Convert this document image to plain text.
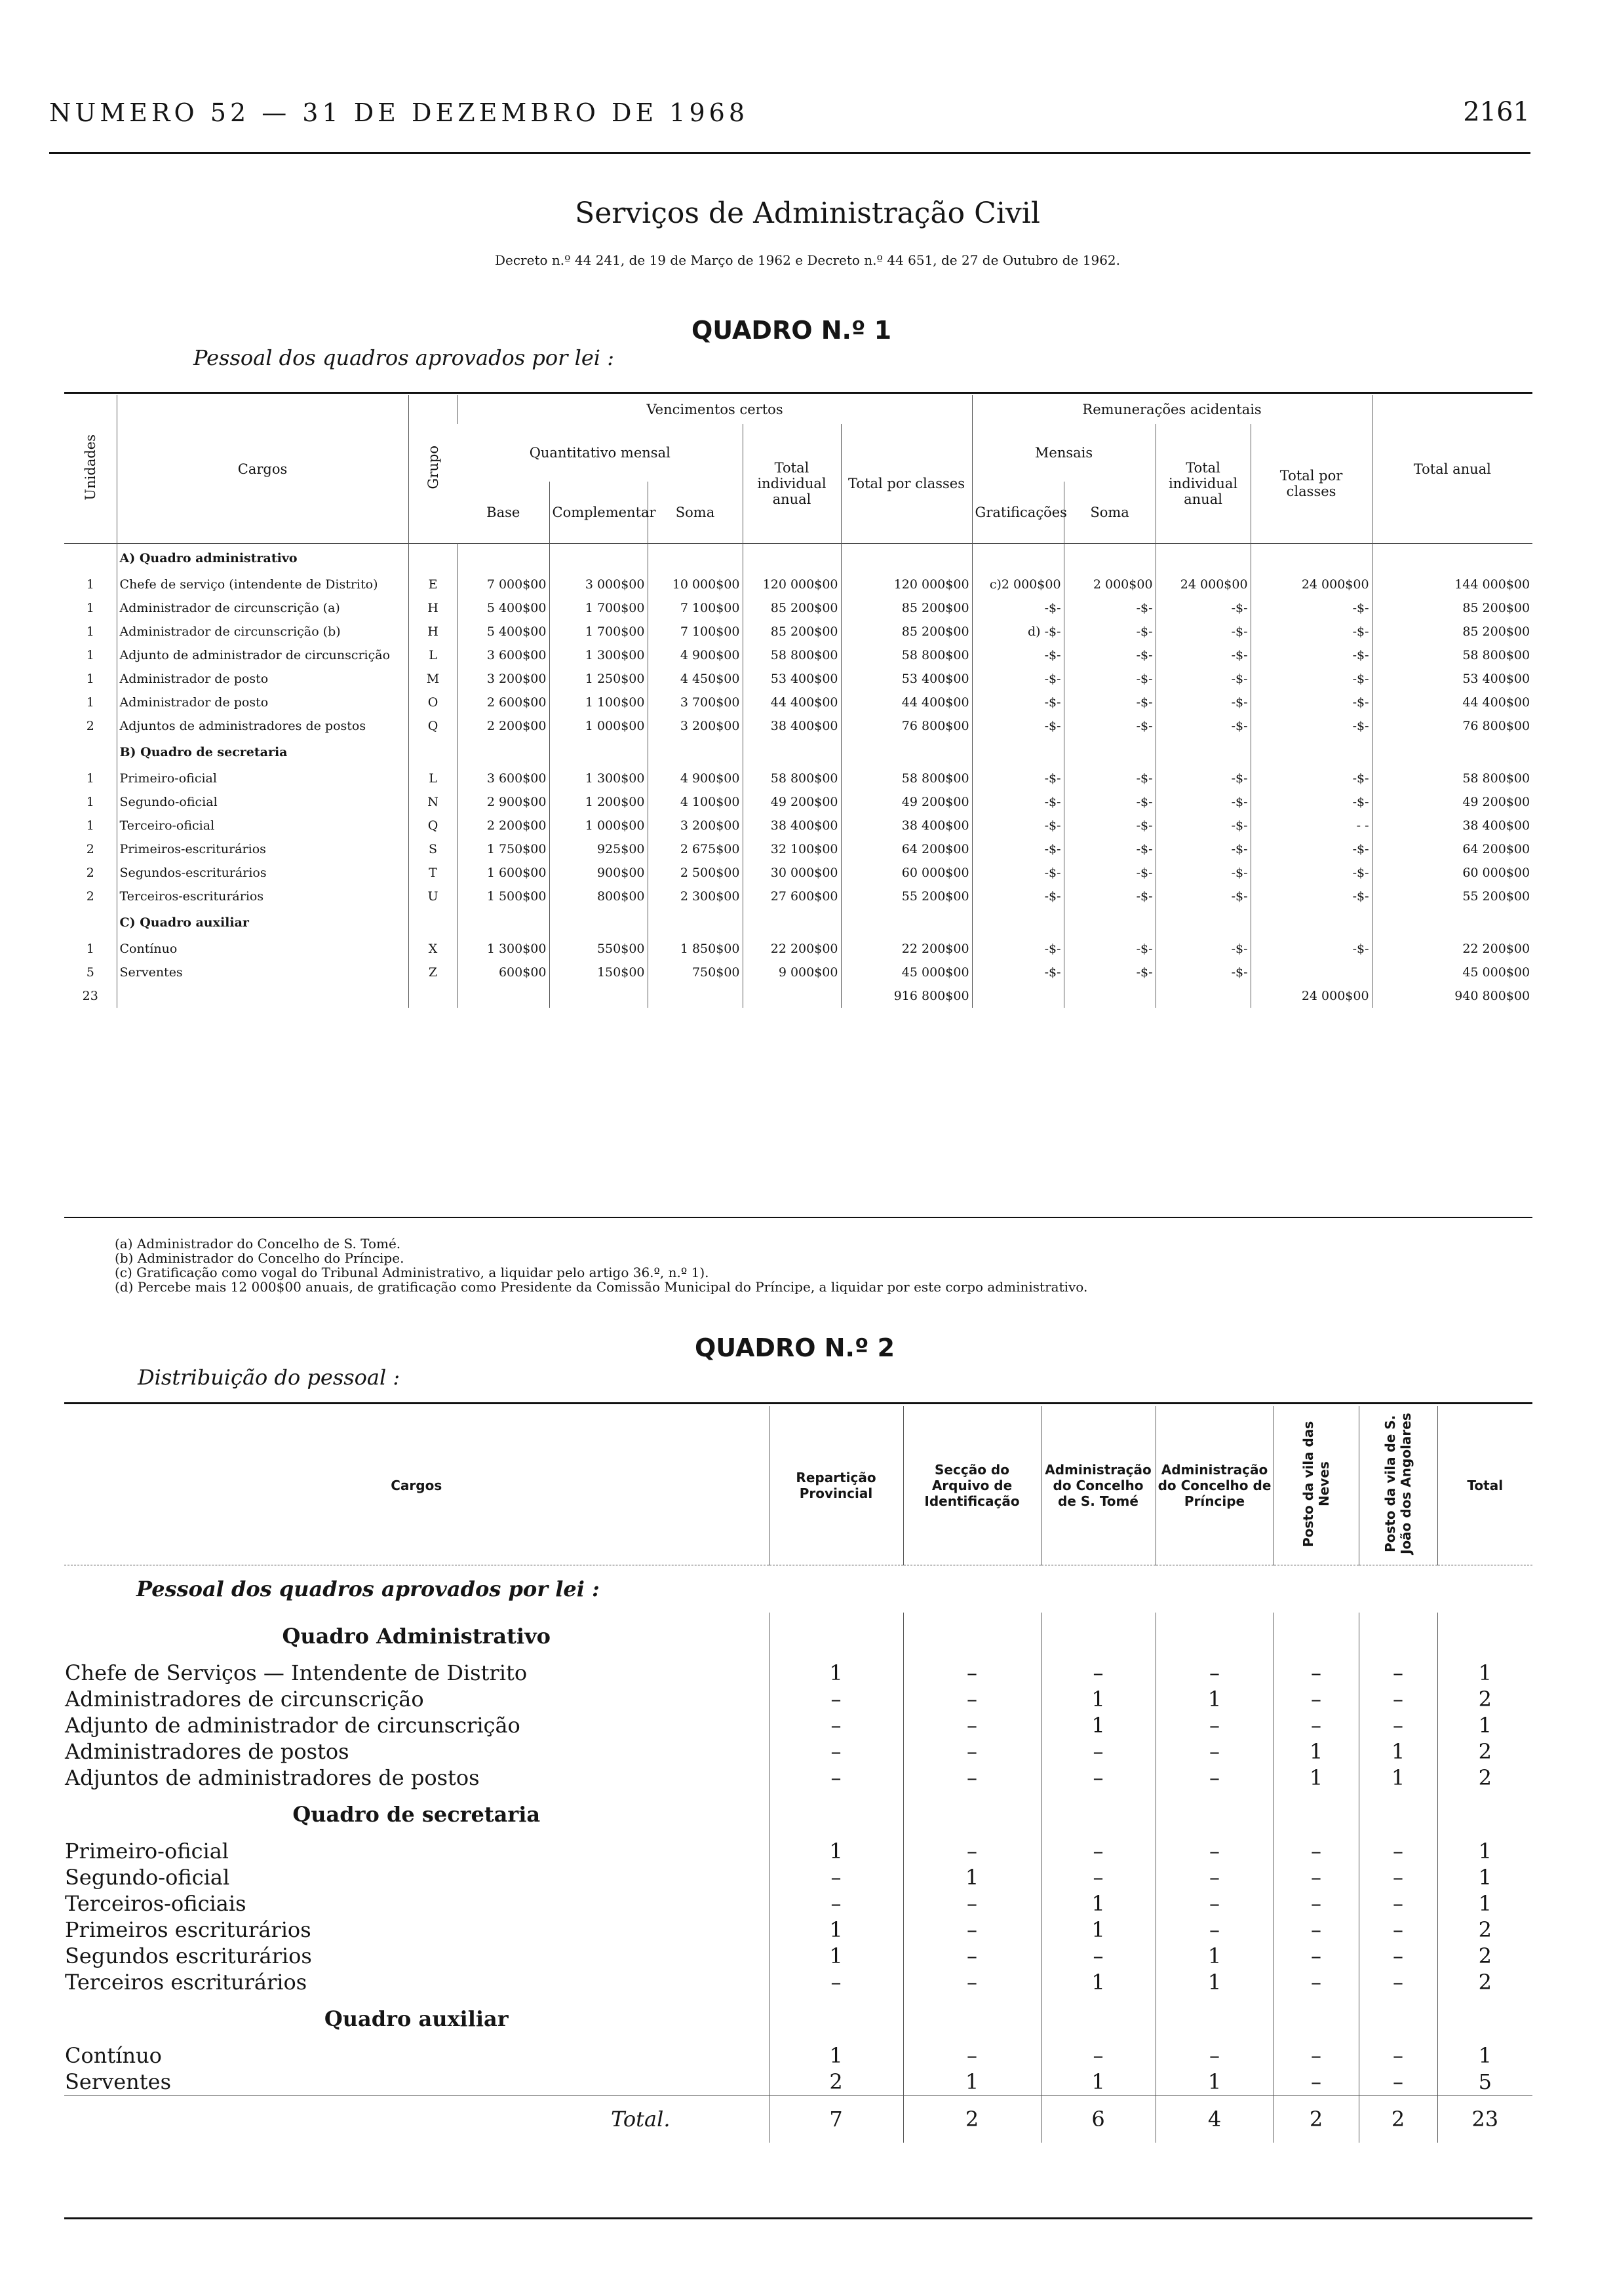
NUMERO 52 — 31 DE DEZEMBRO DE 1968	2161
Serviços de Administração Civil
Decreto n.º 44 241, de 19 de Março de 1962 e Decreto n.º 44 651, de 27 de Outubro de 1962.
QUADRO N.º 1
Pessoal dos quadros aprovados por lei :
Unidades	Cargos	Grupo	Vencimentos certos					Remunerações acidentais				Total anual
			Quantitativo mensal			Total individual anual	Total por classes	Mensais		Total individual anual	Total por classes	
			Base	Complementar	Soma			Gratificações	Soma			
	A) Quadro administrativo											
1	Chefe de serviço (intendente de Distrito)	E	7 000$00	3 000$00	10 000$00	120 000$00	120 000$00	c)2 000$00	2 000$00	24 000$00	24 000$00	144 000$00
1	Administrador de circunscrição (a)	H	5 400$00	1 700$00	7 100$00	85 200$00	85 200$00	-$-	-$-	-$-	-$-	85 200$00
1	Administrador de circunscrição (b)	H	5 400$00	1 700$00	7 100$00	85 200$00	85 200$00	d) -$-	-$-	-$-	-$-	85 200$00
1	Adjunto de administrador de circunscrição	L	3 600$00	1 300$00	4 900$00	58 800$00	58 800$00	-$-	-$-	-$-	-$-	58 800$00
1	Administrador de posto	M	3 200$00	1 250$00	4 450$00	53 400$00	53 400$00	-$-	-$-	-$-	-$-	53 400$00
1	Administrador de posto	O	2 600$00	1 100$00	3 700$00	44 400$00	44 400$00	-$-	-$-	-$-	-$-	44 400$00
2	Adjuntos de administradores de postos	Q	2 200$00	1 000$00	3 200$00	38 400$00	76 800$00	-$-	-$-	-$-	-$-	76 800$00
	B) Quadro de secretaria											
1	Primeiro-oficial	L	3 600$00	1 300$00	4 900$00	58 800$00	58 800$00	-$-	-$-	-$-	-$-	58 800$00
1	Segundo-oficial	N	2 900$00	1 200$00	4 100$00	49 200$00	49 200$00	-$-	-$-	-$-	-$-	49 200$00
1	Terceiro-oficial	Q	2 200$00	1 000$00	3 200$00	38 400$00	38 400$00	-$-	-$-	-$-	- -	38 400$00
2	Primeiros-escriturários	S	1 750$00	925$00	2 675$00	32 100$00	64 200$00	-$-	-$-	-$-	-$-	64 200$00
2	Segundos-escriturários	T	1 600$00	900$00	2 500$00	30 000$00	60 000$00	-$-	-$-	-$-	-$-	60 000$00
2	Terceiros-escriturários	U	1 500$00	800$00	2 300$00	27 600$00	55 200$00	-$-	-$-	-$-	-$-	55 200$00
	C) Quadro auxiliar											
1	Contínuo	X	1 300$00	550$00	1 850$00	22 200$00	22 200$00	-$-	-$-	-$-	-$-	22 200$00
5	Serventes	Z	600$00	150$00	750$00	9 000$00	45 000$00	-$-	-$-	-$-		45 000$00
23							916 800$00				24 000$00	940 800$00
(a) Administrador do Concelho de S. Tomé.
(b) Administrador do Concelho do Príncipe.
(c) Gratificação como vogal do Tribunal Administrativo, a liquidar pelo artigo 36.º, n.º 1).
(d) Percebe mais 12 000$00 anuais, de gratificação como Presidente da Comissão Municipal do Príncipe, a liquidar por este corpo administrativo.
QUADRO N.º 2
Distribuição do pessoal :
Cargos	Repartição Provincial	Secção do Arquivo de Identificação	Administração do Concelho de S. Tomé	Administração do Concelho de Príncipe	Posto da vila das Neves	Posto da vila de S. João dos Angolares	Total
Pessoal dos quadros aprovados por lei :							
Quadro Administrativo							
Chefe de Serviços — Intendente de Distrito	1	–	–	–	–	–	1
Administradores de circunscrição	–	–	1	1	–	–	2
Adjunto de administrador de circunscrição	–	–	1	–	–	–	1
Administradores de postos	–	–	–	–	1	1	2
Adjuntos de administradores de postos	–	–	–	–	1	1	2
Quadro de secretaria							
Primeiro-oficial	1	–	–	–	–	–	1
Segundo-oficial	–	1	–	–	–	–	1
Terceiros-oficiais	–	–	1	–	–	–	1
Primeiros escriturários	1	–	1	–	–	–	2
Segundos escriturários	1	–	–	1	–	–	2
Terceiros escriturários	–	–	1	1	–	–	2
Quadro auxiliar							
Contínuo	1	–	–	–	–	–	1
Serventes	2	1	1	1	–	–	5
Total.	7	2	6	4	2	2	23
